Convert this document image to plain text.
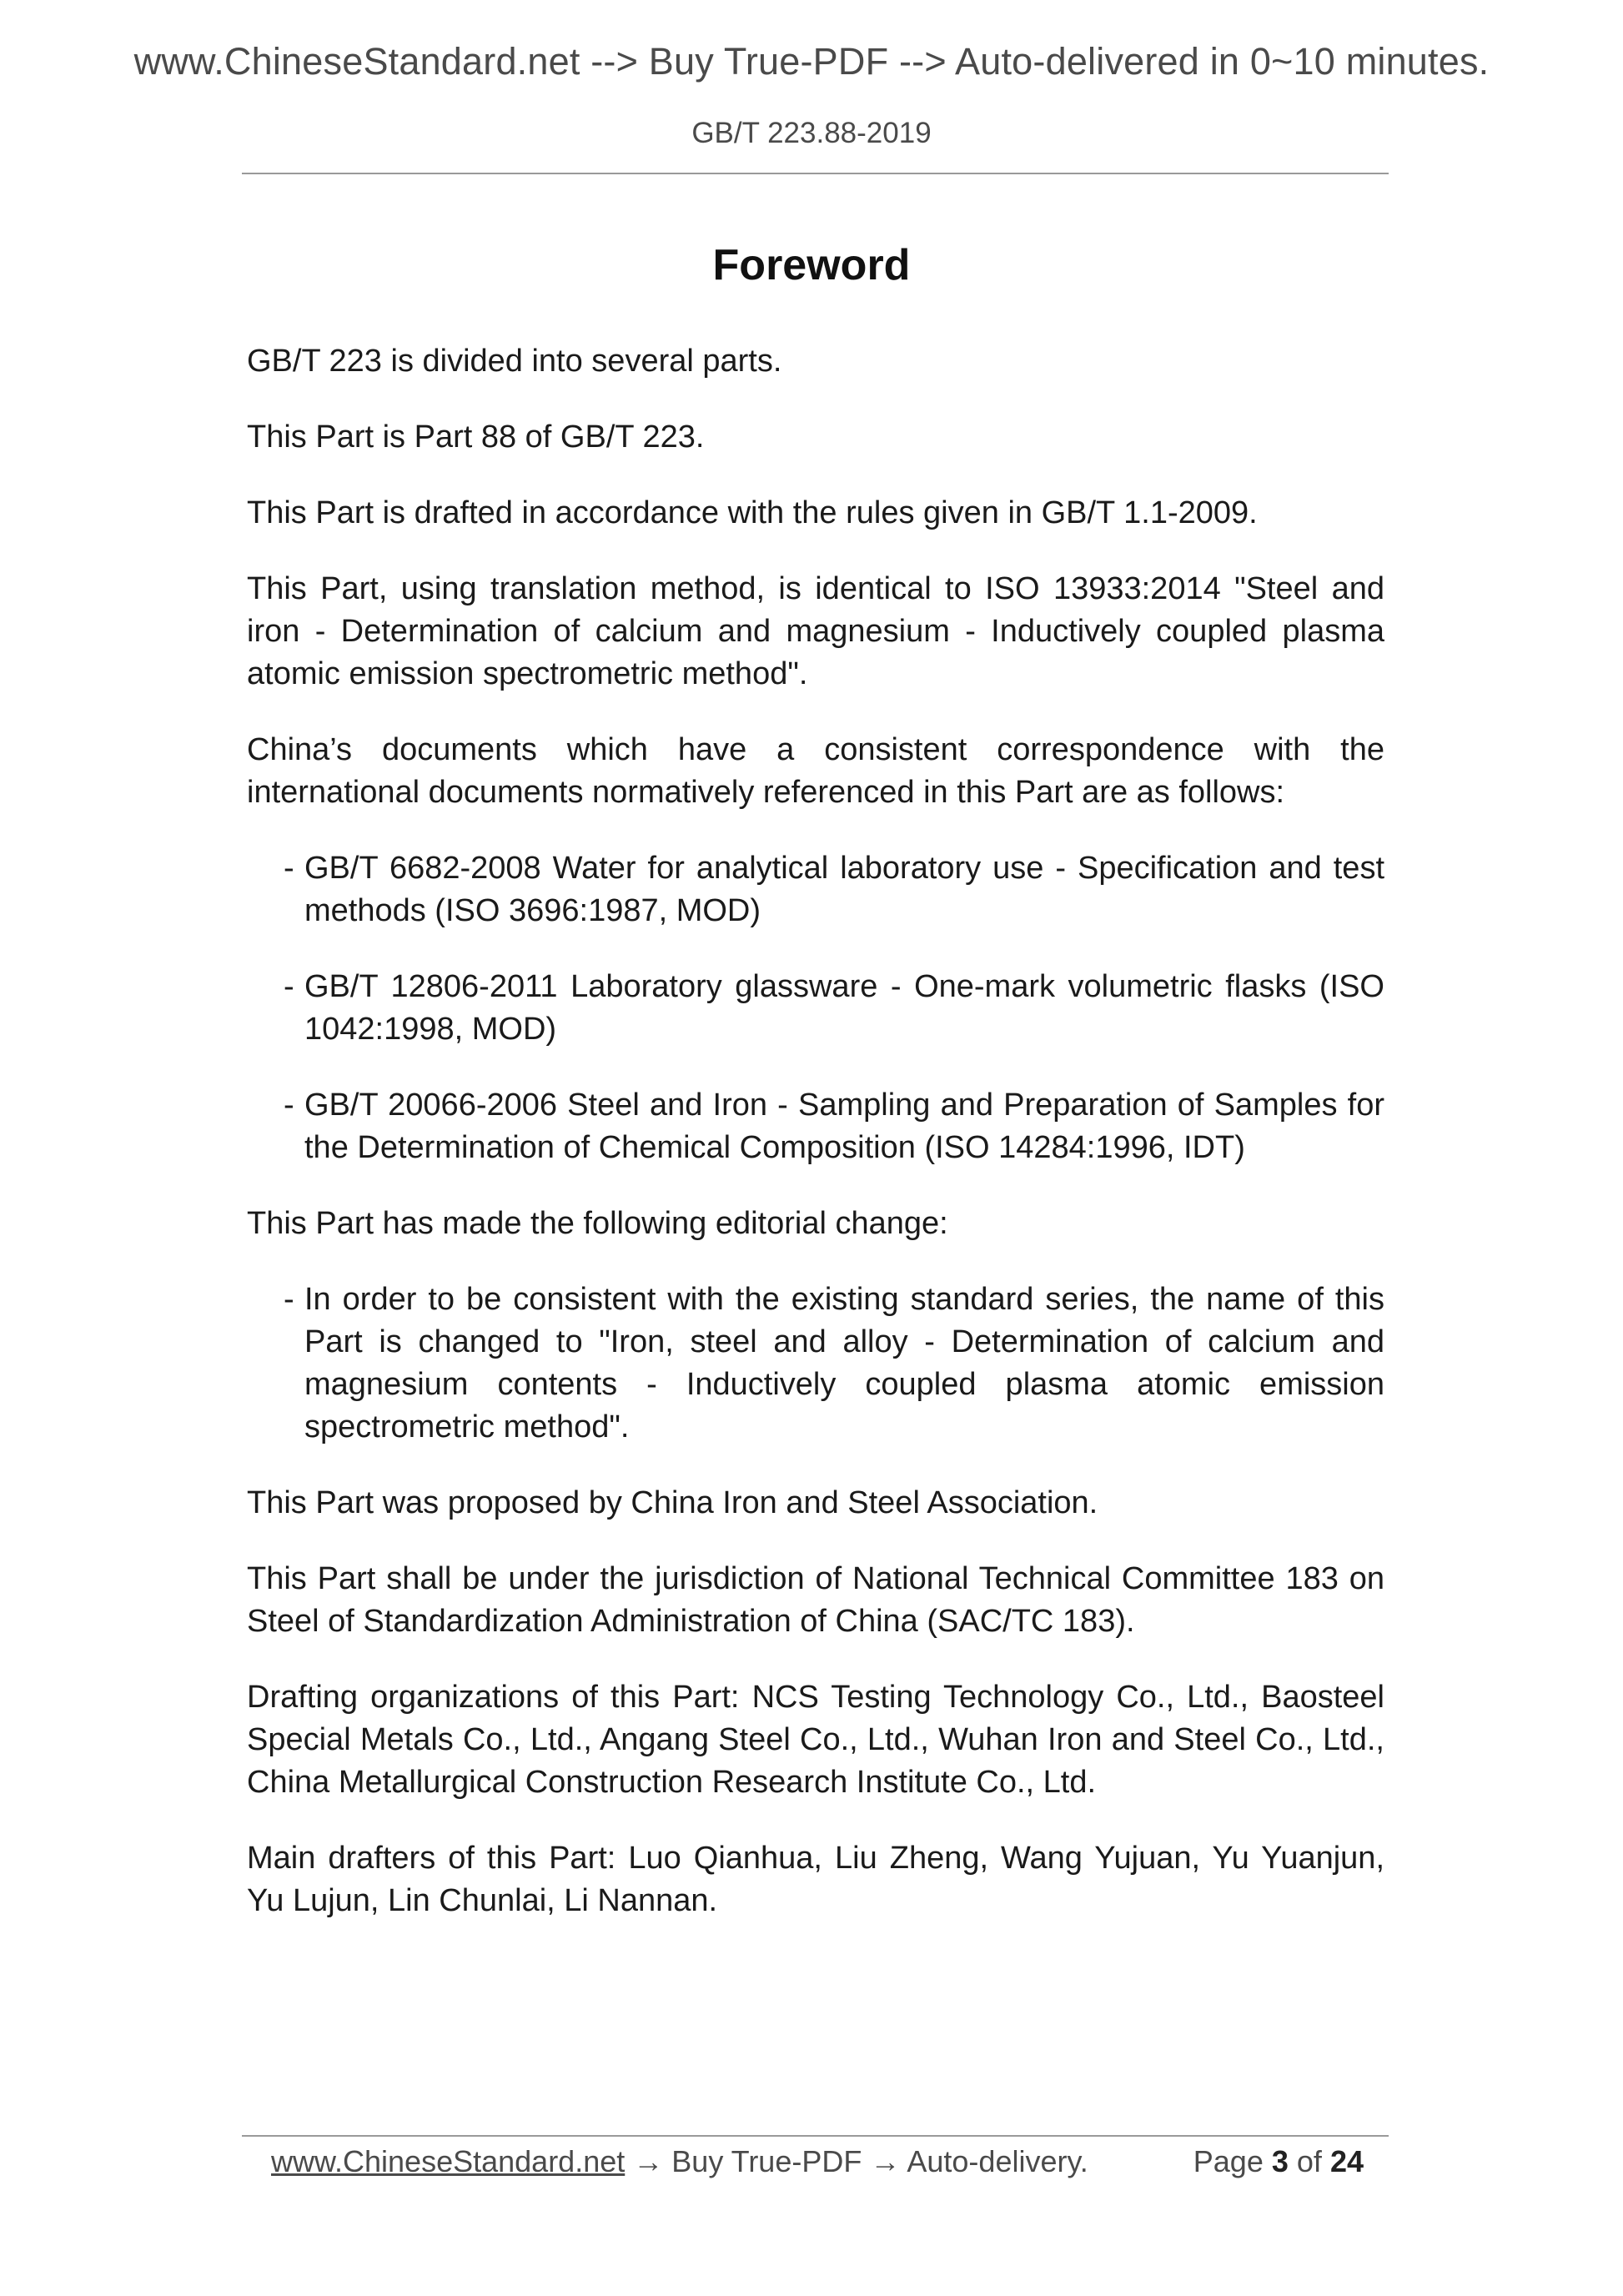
www.ChineseStandard.net --> Buy True-PDF --> Auto-delivered in 0~10 minutes.
GB/T 223.88-2019
Foreword

GB/T 223 is divided into several parts.

This Part is Part 88 of GB/T 223.

This Part is drafted in accordance with the rules given in GB/T 1.1-2009.

This Part, using translation method, is identical to ISO 13933:2014 "Steel and iron - Determination of calcium and magnesium - Inductively coupled plasma atomic emission spectrometric method".

China’s documents which have a consistent correspondence with the international documents normatively referenced in this Part are as follows:

- GB/T 6682-2008 Water for analytical laboratory use - Specification and test methods (ISO 3696:1987, MOD)
- GB/T 12806-2011 Laboratory glassware - One-mark volumetric flasks (ISO 1042:1998, MOD)
- GB/T 20066-2006 Steel and Iron - Sampling and Preparation of Samples for the Determination of Chemical Composition (ISO 14284:1996, IDT)

This Part has made the following editorial change:

- In order to be consistent with the existing standard series, the name of this Part is changed to "Iron, steel and alloy - Determination of calcium and magnesium contents - Inductively coupled plasma atomic emission spectrometric method".

This Part was proposed by China Iron and Steel Association.

This Part shall be under the jurisdiction of National Technical Committee 183 on Steel of Standardization Administration of China (SAC/TC 183).

Drafting organizations of this Part: NCS Testing Technology Co., Ltd., Baosteel Special Metals Co., Ltd., Angang Steel Co., Ltd., Wuhan Iron and Steel Co., Ltd., China Metallurgical Construction Research Institute Co., Ltd.

Main drafters of this Part: Luo Qianhua, Liu Zheng, Wang Yujuan, Yu Yuanjun, Yu Lujun, Lin Chunlai, Li Nannan.

www.ChineseStandard.net → Buy True-PDF → Auto-delivery.	Page 3 of 24
